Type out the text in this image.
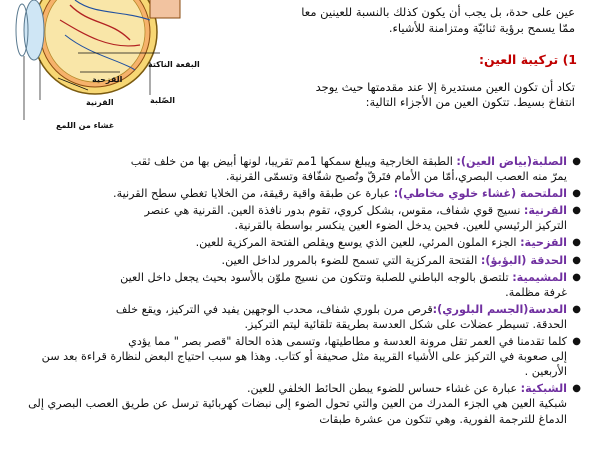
البقعة الناكتة
القزحية
الصّلبة
القرنية
غشاء من اللمع
عين على حدة، بل يجب أن يكون كذلك بالنسبة للعينين معا
ممّا يسمح برؤية ثنائيّة ومتزامنة للأشياء.
1) تركيبة العين:
تكاد أن تكون العين مستديرة إلا عند مقدمتها حيث يوجد
انتفاخ بسيط. تتكون العين من الأجزاء التالية:
●
الصلبة(بياض العين): الطبقة الخارجية ويبلغ سمكها 1مم تقريبا، لونها أبيض بها من خلف ثقب
يمرّ منه العصب البصري،أمّا من الأمام فتَرقّ وتُصبح شفّافة وتسمّى القرنية.
●
الملتحمة (غشاء خلوي مخاطي): عبارة عن طبقة واقية رقيقة، من الخلايا تغطي سطح القرنية.
●
القرنية: نسيج قوي شفاف، مقوس، بشكل كروي، تقوم بدور نافذة العين. القرنية هي عنصر
التركيز الرئيسي للعين. فحين يدخل الضوء العين ينكسر بواسطة بالقرنية.
●
القزحية: الجزء الملون المرئي، للعين الذي يوسع ويقلص الفتحة المركزية للعين.
●
الحدقة (البؤبؤ): الفتحة المركزية التي تسمح للضوء بالمرور لداخل العين.
●
المشيمية: تلتصق بالوجه الباطني للصلبة وتتكون من نسيج ملوّن بالأسود بحيث يجعل داخل العين
غرفة مظلمة.
●
العدسة(الجسم البلوري):قرص مرن بلوري شفاف، محدب الوجهين يفيد في التركيز، ويقع خلف
الحدقة. تسيطر عضلات على شكل العدسة بطريقة تلقائية ليتم التركيز.
●
كلما تقدمنا في العمر تقل مرونة العدسة و مطاطيتها، وتسمى هذه الحالة "قصر بصر " مما يؤدي
إلى صعوبة في التركيز على الأشياء القريبة مثل صحيفة أو كتاب. وهذا هو سبب احتياج البعض لنظارة قراءة بعد سن الأربعين .
●
الشبكية: عبارة عن غشاء حساس للضوء يبطن الحائط الخلفي للعين.
شبكية العين هي الجزء المدرك من العين والتي تحول الضوء إلى نبضات كهربائية ترسل عن طريق العصب البصري إلى الدماغ للترجمة الفورية. وهي تتكون من عشرة طبقات
